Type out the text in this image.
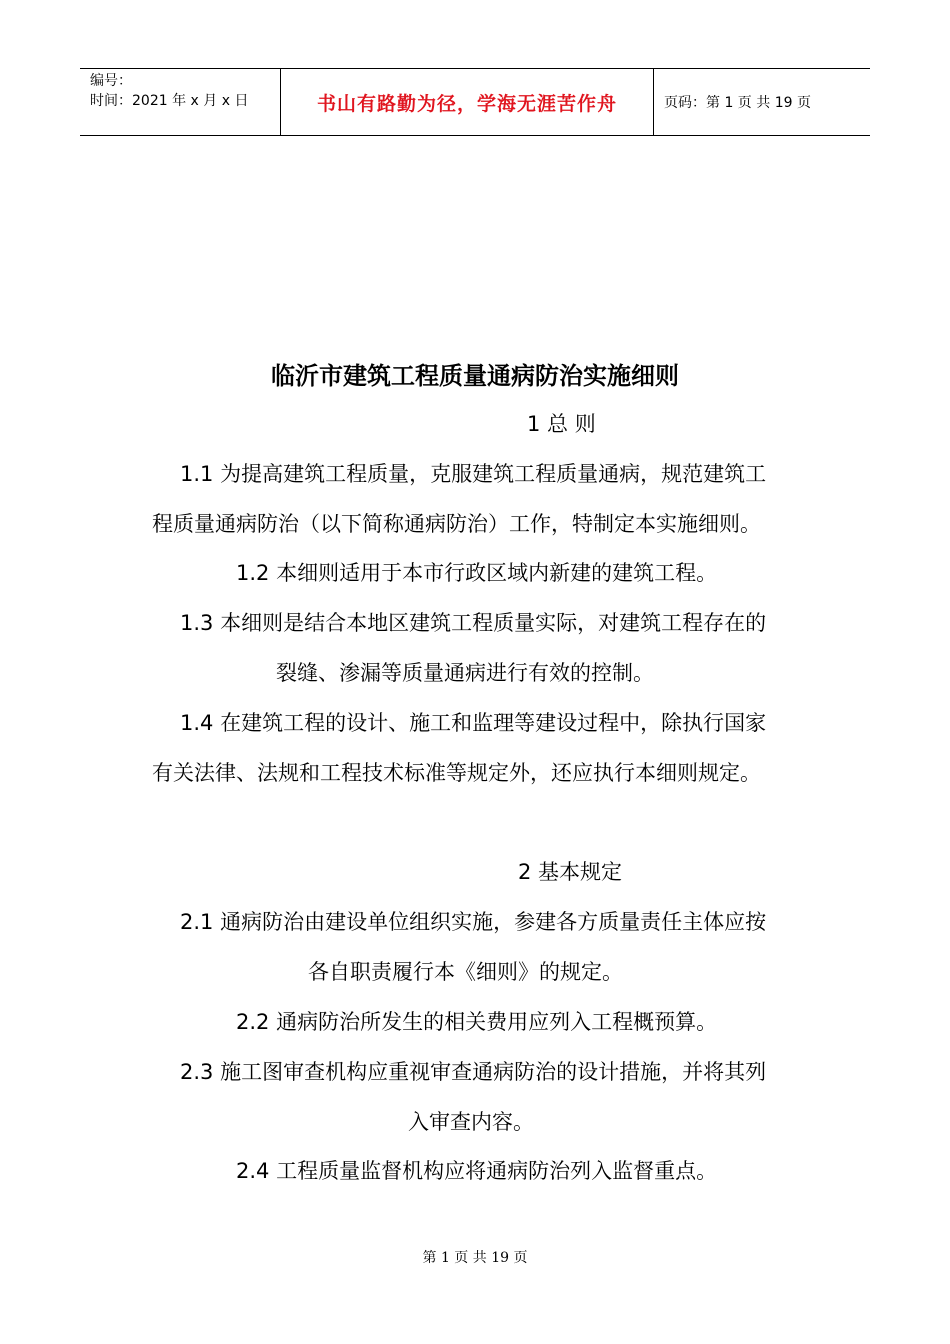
编号：
时间：2021 年 x 月 x 日	书山有路勤为径，学海无涯苦作舟	页码：第 1 页 共 19 页
临沂市建筑工程质量通病防治实施细则
1 总 则
1.1 为提高建筑工程质量，克服建筑工程质量通病，规范建筑工
程质量通病防治（以下简称通病防治）工作，特制定本实施细则。
1.2 本细则适用于本市行政区域内新建的建筑工程。
1.3 本细则是结合本地区建筑工程质量实际，对建筑工程存在的
裂缝、渗漏等质量通病进行有效的控制。
1.4 在建筑工程的设计、施工和监理等建设过程中，除执行国家
有关法律、法规和工程技术标准等规定外，还应执行本细则规定。
2 基本规定
2.1 通病防治由建设单位组织实施，参建各方质量责任主体应按
各自职责履行本《细则》的规定。
2.2 通病防治所发生的相关费用应列入工程概预算。
2.3 施工图审查机构应重视审查通病防治的设计措施，并将其列
入审查内容。
2.4 工程质量监督机构应将通病防治列入监督重点。
第 1 页 共 19 页
